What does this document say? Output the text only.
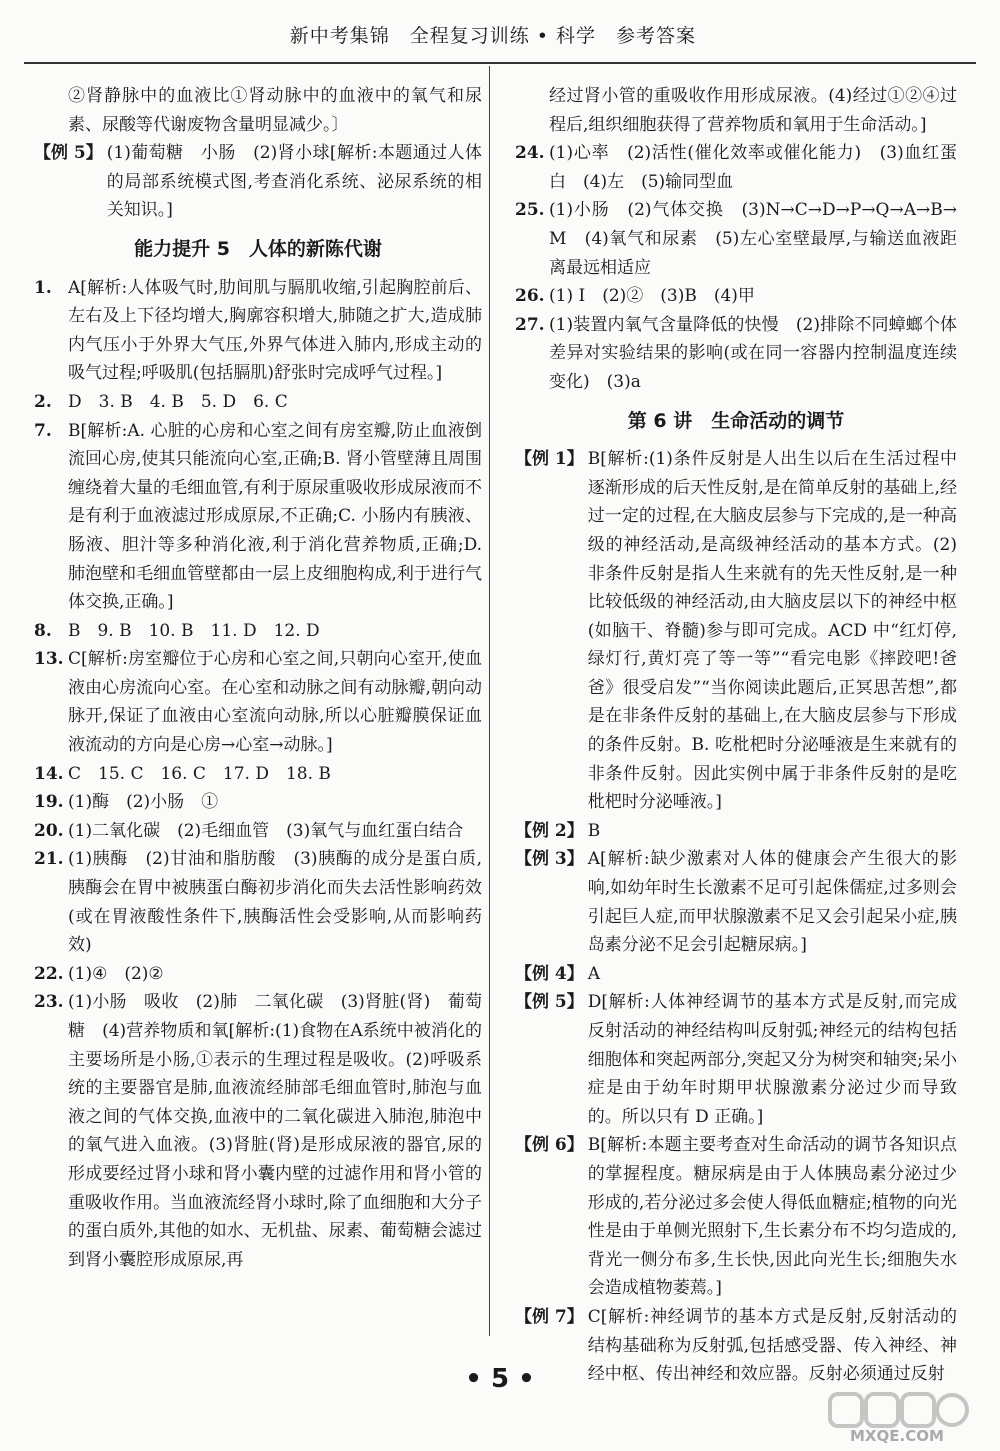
新中考集锦　全程复习训练 • 科学　参考答案
②肾静脉中的血液比①肾动脉中的血液中的氧气和尿素、尿酸等代谢废物含量明显减少。〕
【例 5】 (1)葡萄糖　小肠　(2)肾小球[解析:本题通过人体的局部系统模式图,考查消化系统、泌尿系统的相关知识。]
能力提升 5　人体的新陈代谢
1. A[解析:人体吸气时,肋间肌与膈肌收缩,引起胸腔前后、左右及上下径均增大,胸廓容积增大,肺随之扩大,造成肺内气压小于外界大气压,外界气体进入肺内,形成主动的吸气过程;呼吸肌(包括膈肌)舒张时完成呼气过程。]
2. D　3. B　4. B　5. D　6. C
7. B[解析:A. 心脏的心房和心室之间有房室瓣,防止血液倒流回心房,使其只能流向心室,正确;B. 肾小管壁薄且周围缠绕着大量的毛细血管,有利于原尿重吸收形成尿液而不是有利于血液滤过形成原尿,不正确;C. 小肠内有胰液、肠液、胆汁等多种消化液,利于消化营养物质,正确;D. 肺泡壁和毛细血管壁都由一层上皮细胞构成,利于进行气体交换,正确。]
8. B　9. B　10. B　11. D　12. D
13. C[解析:房室瓣位于心房和心室之间,只朝向心室开,使血液由心房流向心室。在心室和动脉之间有动脉瓣,朝向动脉开,保证了血液由心室流向动脉,所以心脏瓣膜保证血液流动的方向是心房→心室→动脉。]
14. C　15. C　16. C　17. D　18. B
19. (1)酶　(2)小肠　①
20. (1)二氧化碳　(2)毛细血管　(3)氧气与血红蛋白结合
21. (1)胰酶　(2)甘油和脂肪酸　(3)胰酶的成分是蛋白质,胰酶会在胃中被胰蛋白酶初步消化而失去活性影响药效(或在胃液酸性条件下,胰酶活性会受影响,从而影响药效)
22. (1)④　(2)②
23. (1)小肠　吸收　(2)肺　二氧化碳　(3)肾脏(肾)　葡萄糖　(4)营养物质和氧[解析:(1)食物在A系统中被消化的主要场所是小肠,①表示的生理过程是吸收。(2)呼吸系统的主要器官是肺,血液流经肺部毛细血管时,肺泡与血液之间的气体交换,血液中的二氧化碳进入肺泡,肺泡中的氧气进入血液。(3)肾脏(肾)是形成尿液的器官,尿的形成要经过肾小球和肾小囊内壁的过滤作用和肾小管的重吸收作用。当血液流经肾小球时,除了血细胞和大分子的蛋白质外,其他的如水、无机盐、尿素、葡萄糖会滤过到肾小囊腔形成原尿,再
经过肾小管的重吸收作用形成尿液。(4)经过①②④过程后,组织细胞获得了营养物质和氧用于生命活动。]
24. (1)心率　(2)活性(催化效率或催化能力)　(3)血红蛋白　(4)左　(5)输同型血
25. (1)小肠　(2)气体交换　(3)N→C→D→P→Q→A→B→M　(4)氧气和尿素　(5)左心室壁最厚,与输送血液距离最远相适应
26. (1) Ⅰ　(2)②　(3)B　(4)甲
27. (1)装置内氧气含量降低的快慢　(2)排除不同蟑螂个体差异对实验结果的影响(或在同一容器内控制温度连续变化)　(3)a
第 6 讲　生命活动的调节
【例 1】 B[解析:(1)条件反射是人出生以后在生活过程中逐渐形成的后天性反射,是在简单反射的基础上,经过一定的过程,在大脑皮层参与下完成的,是一种高级的神经活动,是高级神经活动的基本方式。(2)非条件反射是指人生来就有的先天性反射,是一种比较低级的神经活动,由大脑皮层以下的神经中枢(如脑干、脊髓)参与即可完成。ACD 中“红灯停,绿灯行,黄灯亮了等一等”“看完电影《摔跤吧!爸爸》很受启发”“当你阅读此题后,正冥思苦想”,都是在非条件反射的基础上,在大脑皮层参与下形成的条件反射。B. 吃枇杷时分泌唾液是生来就有的非条件反射。因此实例中属于非条件反射的是吃枇杷时分泌唾液。]
【例 2】 B
【例 3】 A[解析:缺少激素对人体的健康会产生很大的影响,如幼年时生长激素不足可引起侏儒症,过多则会引起巨人症,而甲状腺激素不足又会引起呆小症,胰岛素分泌不足会引起糖尿病。]
【例 4】 A
【例 5】 D[解析:人体神经调节的基本方式是反射,而完成反射活动的神经结构叫反射弧;神经元的结构包括细胞体和突起两部分,突起又分为树突和轴突;呆小症是由于幼年时期甲状腺激素分泌过少而导致的。所以只有 D 正确。]
【例 6】 B[解析:本题主要考查对生命活动的调节各知识点的掌握程度。糖尿病是由于人体胰岛素分泌过少形成的,若分泌过多会使人得低血糖症;植物的向光性是由于单侧光照射下,生长素分布不均匀造成的,背光一侧分布多,生长快,因此向光生长;细胞失水会造成植物萎蔫。]
【例 7】 C[解析:神经调节的基本方式是反射,反射活动的结构基础称为反射弧,包括感受器、传入神经、神经中枢、传出神经和效应器。反射必须通过反射
• 5 •
MXQE.COM
